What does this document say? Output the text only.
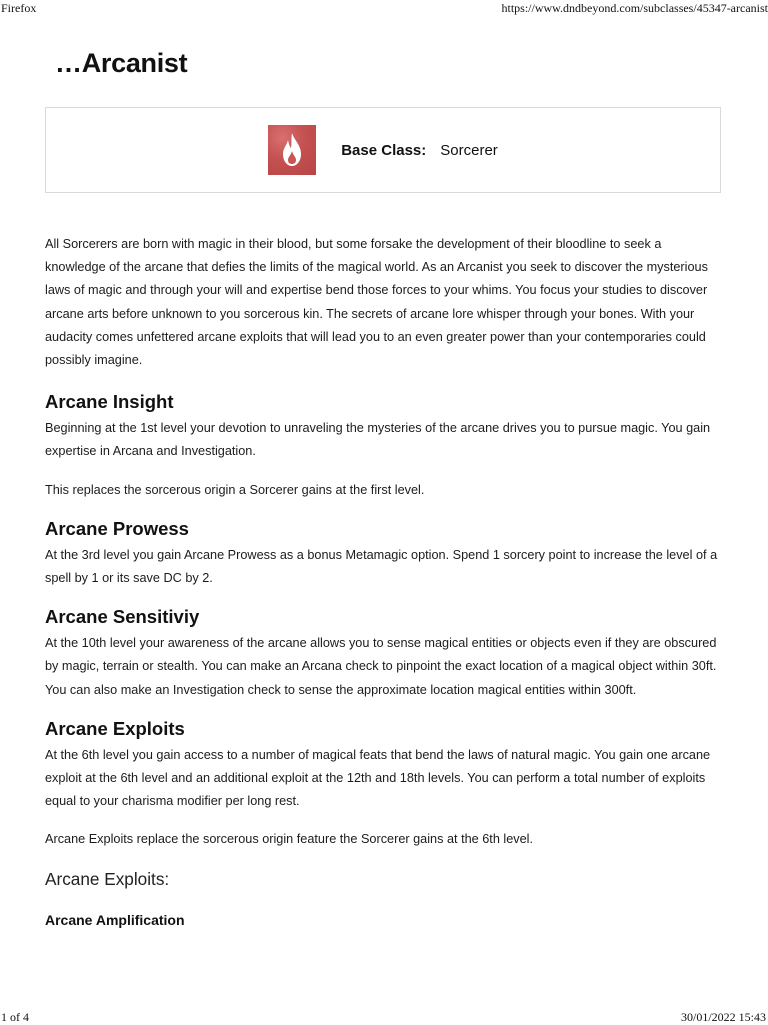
Firefox	https://www.dndbeyond.com/subclasses/45347-arcanist
…Arcanist
Base Class: Sorcerer

All Sorcerers are born with magic in their blood, but some forsake the development of their bloodline to seek a knowledge of the arcane that defies the limits of the magical world. As an Arcanist you seek to discover the mysterious laws of magic and through your will and expertise bend those forces to your whims. You focus your studies to discover arcane arts before unknown to you sorcerous kin. The secrets of arcane lore whisper through your bones. With your audacity comes unfettered arcane exploits that will lead you to an even greater power than your contemporaries could possibly imagine.

Arcane Insight

Beginning at the 1st level your devotion to unraveling the mysteries of the arcane drives you to pursue magic. You gain expertise in Arcana and Investigation.

This replaces the sorcerous origin a Sorcerer gains at the first level.

Arcane Prowess

At the 3rd level you gain Arcane Prowess as a bonus Metamagic option. Spend 1 sorcery point to increase the level of a spell by 1 or its save DC by 2.

Arcane Sensitiviy

At the 10th level your awareness of the arcane allows you to sense magical entities or objects even if they are obscured by magic, terrain or stealth. You can make an Arcana check to pinpoint the exact location of a magical object within 30ft. You can also make an Investigation check to sense the approximate location magical entities within 300ft.

Arcane Exploits

At the 6th level you gain access to a number of magical feats that bend the laws of natural magic. You gain one arcane exploit at the 6th level and an additional exploit at the 12th and 18th levels. You can perform a total number of exploits equal to your charisma modifier per long rest.

Arcane Exploits replace the sorcerous origin feature the Sorcerer gains at the 6th level.

Arcane Exploits:
Arcane Amplification
1 of 4	30/01/2022 15:43
